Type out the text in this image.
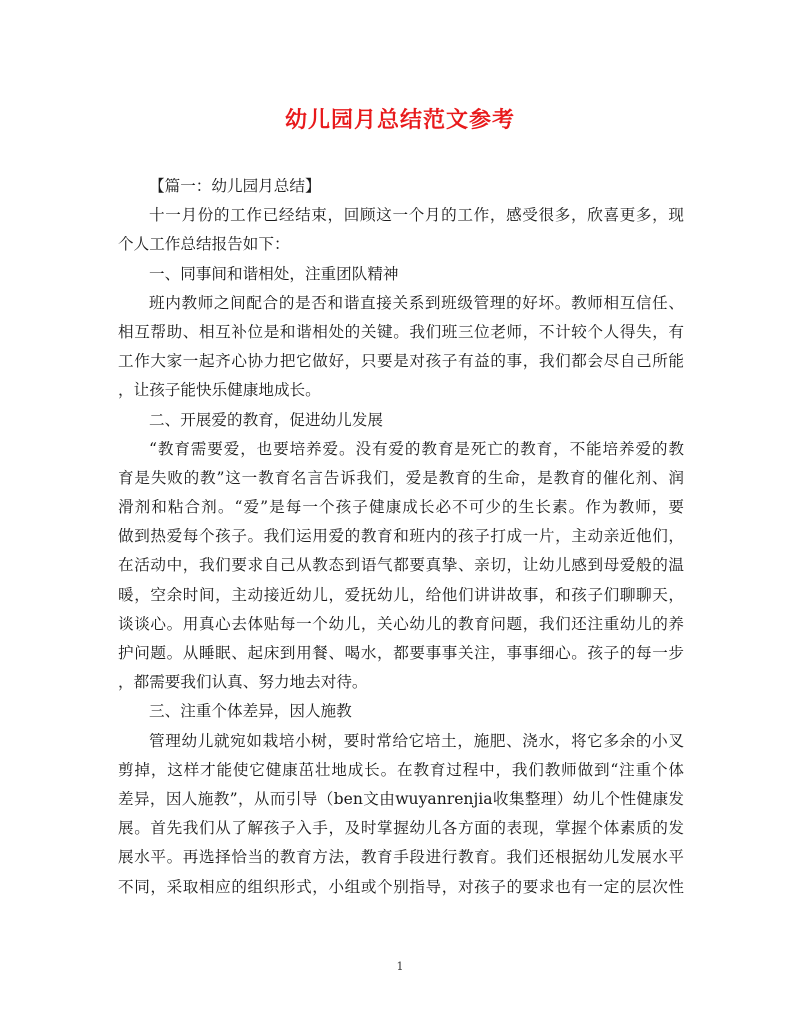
幼儿园月总结范文参考
【篇一：幼儿园月总结】
十一月份的工作已经结束，回顾这一个月的工作，感受很多，欣喜更多，现
个人工作总结报告如下：
一、同事间和谐相处，注重团队精神
班内教师之间配合的是否和谐直接关系到班级管理的好坏。教师相互信任、
相互帮助、相互补位是和谐相处的关键。我们班三位老师，不计较个人得失，有
工作大家一起齐心协力把它做好，只要是对孩子有益的事，我们都会尽自己所能
，让孩子能快乐健康地成长。
二、开展爱的教育，促进幼儿发展
“教育需要爱，也要培养爱。没有爱的教育是死亡的教育，不能培养爱的教
育是失败的教”这一教育名言告诉我们，爱是教育的生命，是教育的催化剂、润
滑剂和粘合剂。“爱”是每一个孩子健康成长必不可少的生长素。作为教师，要
做到热爱每个孩子。我们运用爱的教育和班内的孩子打成一片，主动亲近他们，
在活动中，我们要求自己从教态到语气都要真挚、亲切，让幼儿感到母爱般的温
暖，空余时间，主动接近幼儿，爱抚幼儿，给他们讲讲故事，和孩子们聊聊天，
谈谈心。用真心去体贴每一个幼儿，关心幼儿的教育问题，我们还注重幼儿的养
护问题。从睡眠、起床到用餐、喝水，都要事事关注，事事细心。孩子的每一步
，都需要我们认真、努力地去对待。
三、注重个体差异，因人施教
管理幼儿就宛如栽培小树，要时常给它培土，施肥、浇水，将它多余的小叉
剪掉，这样才能使它健康茁壮地成长。在教育过程中，我们教师做到“注重个体
差异，因人施教”，从而引导（ben文由wuyanrenjia收集整理）幼儿个性健康发
展。首先我们从了解孩子入手，及时掌握幼儿各方面的表现，掌握个体素质的发
展水平。再选择恰当的教育方法，教育手段进行教育。我们还根据幼儿发展水平
不同，采取相应的组织形式，小组或个别指导，对孩子的要求也有一定的层次性
1
